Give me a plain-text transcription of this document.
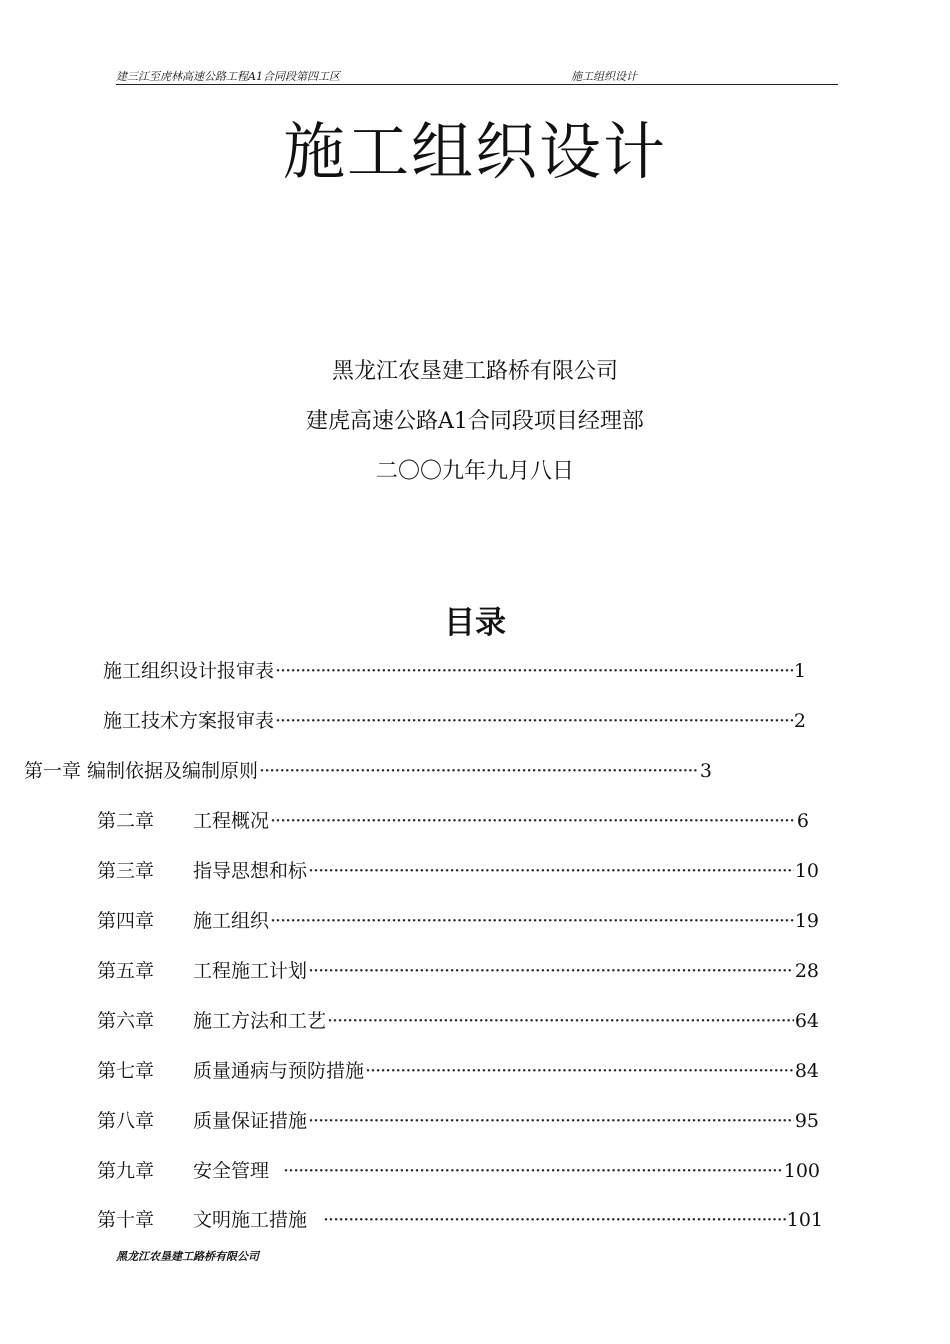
建三江至虎林高速公路工程A1合同段第四工区	施工组织设计
施工组织设计
黑龙江农垦建工路桥有限公司
建虎高速公路A1合同段项目经理部
二〇〇九年九月八日
目录
施工组织设计报审表 ·····	1
施工技术方案报审表 ·····	2
第一章 编制依据及编制原则 ·····	3
第二章	工程概况 ·····	6
第三章	指导思想和标 ·····	10
第四章	施工组织 ·····	19
第五章	工程施工计划 ·····	28
第六章	施工方法和工艺 ·····	64
第七章	质量通病与预防措施 ·····	84
第八章	质量保证措施 ·····	95
第九章	安全管理 ·····	100
第十章	文明施工措施 ·····	101
黑龙江农垦建工路桥有限公司
